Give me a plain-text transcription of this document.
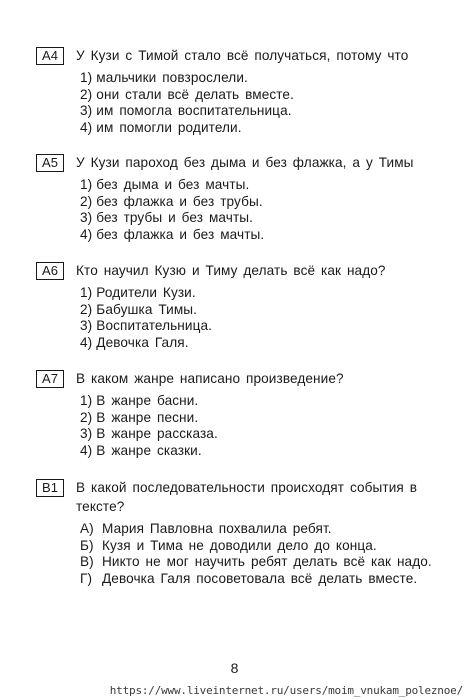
A4	У Кузи с Тимой стало всё получаться, потому что
1) мальчики повзрослели.
2) они стали всё делать вместе.
3) им помогла воспитательница.
4) им помогли родители.
A5	У Кузи пароход без дыма и без флажка, а у Тимы
1) без дыма и без мачты.
2) без флажка и без трубы.
3) без трубы и без мачты.
4) без флажка и без мачты.
A6	Кто научил Кузю и Тиму делать всё как надо?
1) Родители Кузи.
2) Бабушка Тимы.
3) Воспитательница.
4) Девочка Галя.
A7	В каком жанре написано произведение?
1) В жанре басни.
2) В жанре песни.
3) В жанре рассказа.
4) В жанре сказки.
B1	В какой последовательности происходят события в тексте?
А) Мария Павловна похвалила ребят.
Б) Кузя и Тима не доводили дело до конца.
В) Никто не мог научить ребят делать всё как надо.
Г) Девочка Галя посоветовала всё делать вместе.
8
https://www.liveinternet.ru/users/moim_vnukam_poleznoe/
